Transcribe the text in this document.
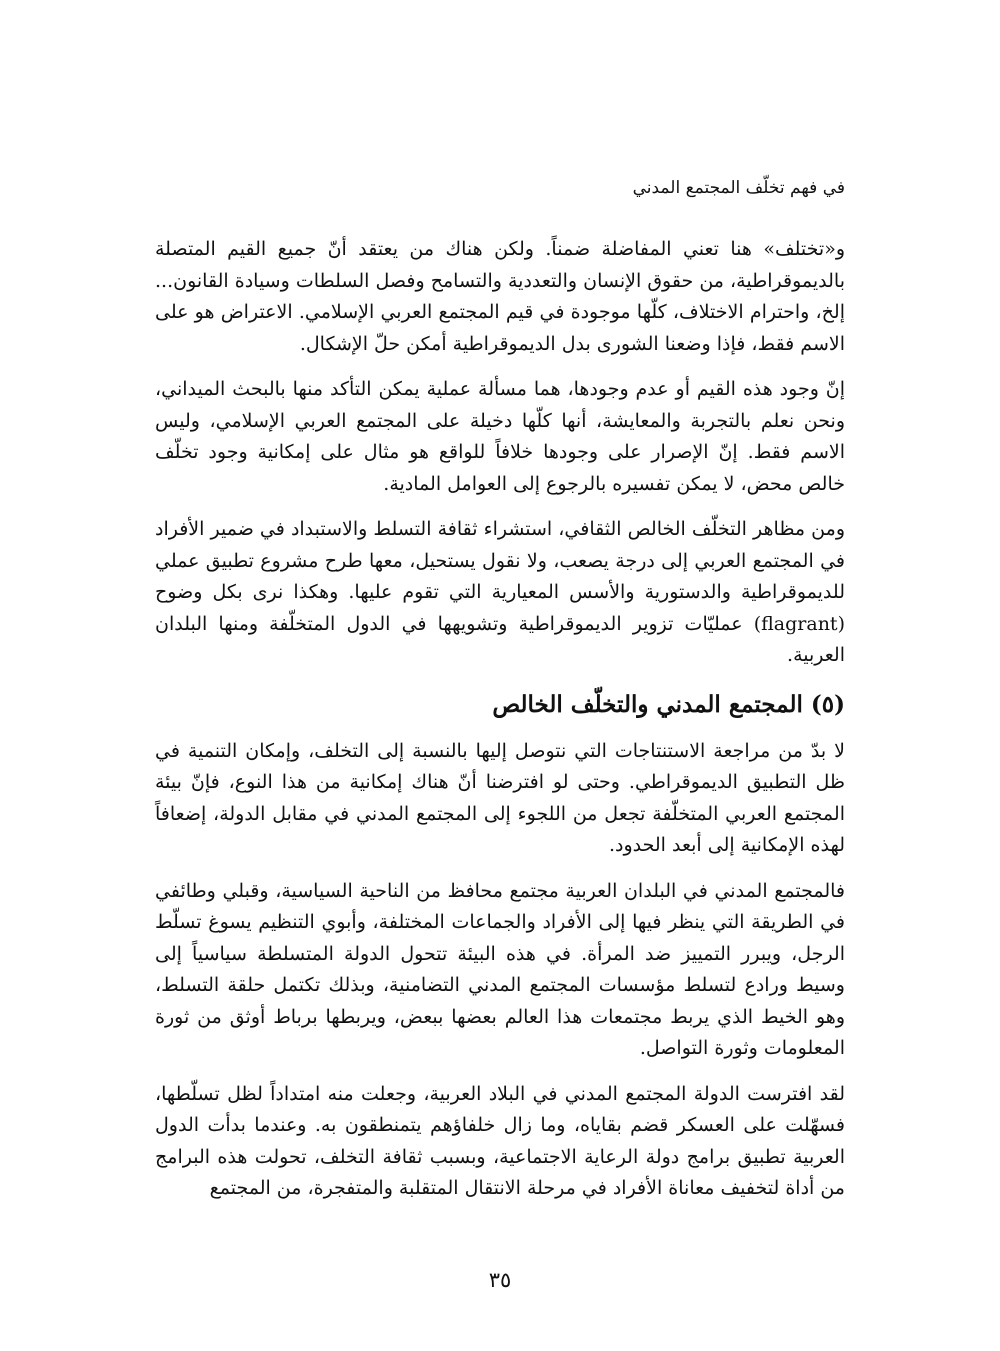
في فهم تخلّف المجتمع المدني

و«تختلف» هنا تعني المفاضلة ضمناً. ولكن هناك من يعتقد أنّ جميع القيم المتصلة بالديموقراطية، من حقوق الإنسان والتعددية والتسامح وفصل السلطات وسيادة القانون... إلخ، واحترام الاختلاف، كلّها موجودة في قيم المجتمع العربي الإسلامي. الاعتراض هو على الاسم فقط، فإذا وضعنا الشورى بدل الديموقراطية أمكن حلّ الإشكال.

إنّ وجود هذه القيم أو عدم وجودها، هما مسألة عملية يمكن التأكد منها بالبحث الميداني، ونحن نعلم بالتجربة والمعايشة، أنها كلّها دخيلة على المجتمع العربي الإسلامي، وليس الاسم فقط. إنّ الإصرار على وجودها خلافاً للواقع هو مثال على إمكانية وجود تخلّف خالص محض، لا يمكن تفسيره بالرجوع إلى العوامل المادية.

ومن مظاهر التخلّف الخالص الثقافي، استشراء ثقافة التسلط والاستبداد في ضمير الأفراد في المجتمع العربي إلى درجة يصعب، ولا نقول يستحيل، معها طرح مشروع تطبيق عملي للديموقراطية والدستورية والأسس المعيارية التي تقوم عليها. وهكذا نرى بكل وضوح (flagrant) عمليّات تزوير الديموقراطية وتشويهها في الدول المتخلّفة ومنها البلدان العربية.

(٥) المجتمع المدني والتخلّف الخالص

لا بدّ من مراجعة الاستنتاجات التي نتوصل إليها بالنسبة إلى التخلف، وإمكان التنمية في ظل التطبيق الديموقراطي. وحتى لو افترضنا أنّ هناك إمكانية من هذا النوع، فإنّ بيئة المجتمع العربي المتخلّفة تجعل من اللجوء إلى المجتمع المدني في مقابل الدولة، إضعافاً لهذه الإمكانية إلى أبعد الحدود.

فالمجتمع المدني في البلدان العربية مجتمع محافظ من الناحية السياسية، وقبلي وطائفي في الطريقة التي ينظر فيها إلى الأفراد والجماعات المختلفة، وأبوي التنظيم يسوغ تسلّط الرجل، ويبرر التمييز ضد المرأة. في هذه البيئة تتحول الدولة المتسلطة سياسياً إلى وسيط ورادع لتسلط مؤسسات المجتمع المدني التضامنية، وبذلك تكتمل حلقة التسلط، وهو الخيط الذي يربط مجتمعات هذا العالم بعضها ببعض، ويربطها برباط أوثق من ثورة المعلومات وثورة التواصل.

لقد افترست الدولة المجتمع المدني في البلاد العربية، وجعلت منه امتداداً لظل تسلّطها، فسهّلت على العسكر قضم بقاياه، وما زال خلفاؤهم يتمنطقون به. وعندما بدأت الدول العربية تطبيق برامج دولة الرعاية الاجتماعية، وبسبب ثقافة التخلف، تحولت هذه البرامج من أداة لتخفيف معاناة الأفراد في مرحلة الانتقال المتقلبة والمتفجرة، من المجتمع

٣٥
